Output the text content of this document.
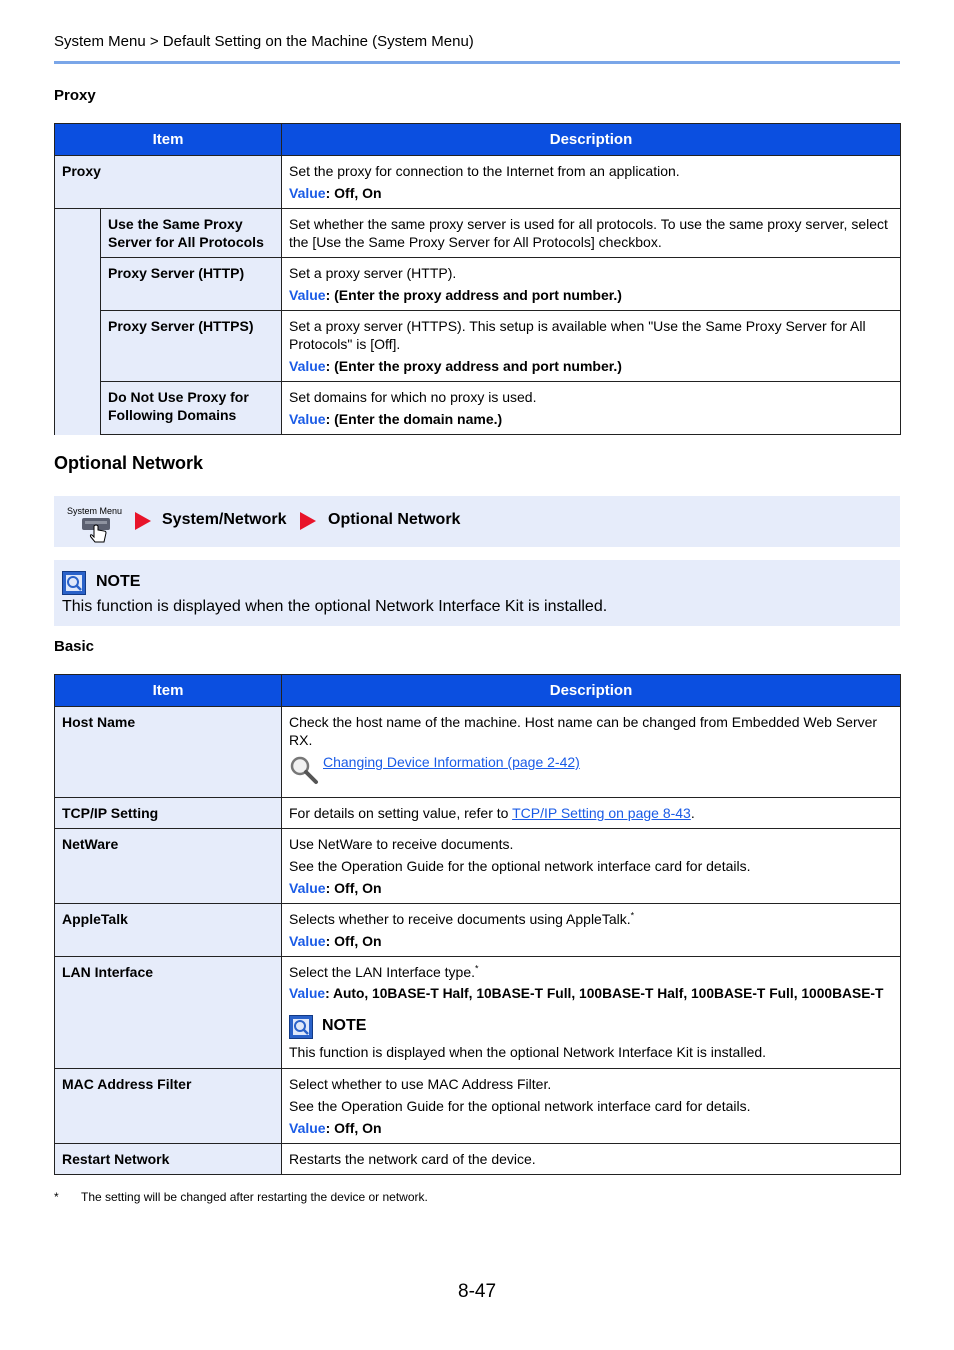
System Menu > Default Setting on the Machine (System Menu)
Proxy
Item		Description
Proxy		Set the proxy for connection to the Internet from an application.
Value: Off, On

	Use the Same Proxy Server for All Protocols	Set whether the same proxy server is used for all protocols. To use the same proxy server, select the [Use the Same Proxy Server for All Protocols] checkbox.

	Proxy Server (HTTP)	Set a proxy server (HTTP).
Value: (Enter the proxy address and port number.)

	Proxy Server (HTTPS)	Set a proxy server (HTTPS). This setup is available when "Use the Same Proxy Server for All Protocols" is [Off].
Value: (Enter the proxy address and port number.)

	Do Not Use Proxy for Following Domains	Set domains for which no proxy is used.
Value: (Enter the domain name.)
Optional Network
System Menu System/Network	Optional Network
NOTE
This function is displayed when the optional Network Interface Kit is installed.
Basic
Item	Description
Host Name	Check the host name of the machine. Host name can be changed from Embedded Web Server RX.
Changing Device Information (page 2-42)

TCP/IP Setting	For details on setting value, refer to TCP/IP Setting on page 8-43.
NetWare	Use NetWare to receive documents.
See the Operation Guide for the optional network interface card for details.
Value: Off, On

AppleTalk	Selects whether to receive documents using AppleTalk.*
Value: Off, On

LAN Interface	Select the LAN Interface type.*
Value: Auto, 10BASE-T Half, 10BASE-T Full, 100BASE-T Half, 100BASE-T Full, 1000BASE-T
NOTE
This function is displayed when the optional Network Interface Kit is installed.

MAC Address Filter	Select whether to use MAC Address Filter.
See the Operation Guide for the optional network interface card for details.
Value: Off, On

Restart Network	Restarts the network card of the device.
* The setting will be changed after restarting the device or network.
8-47
